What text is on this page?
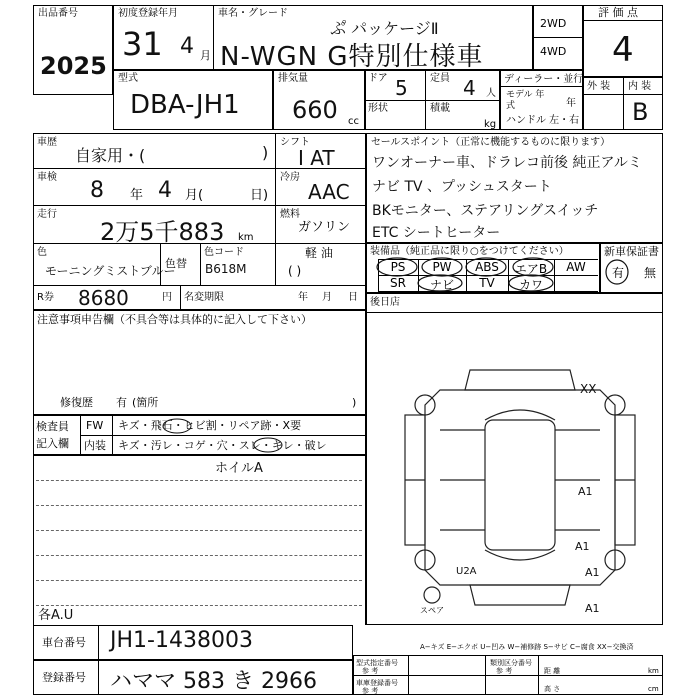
出品番号
2025
初度登録年月
31 4 月
車名・グレード
ぷ゚ パッケージⅡ
N-WGN G特別仕様車
2WD
4WD
評 価 点
4
型式
DBA-JH1
排気量
660 cc
ドア 5 定員 4 人
形状	積載
kg
ディーラー・並行
モデル 年式	年
ハンドル 左・右
外 装 内 装
B
車歴
自家用・(	)
シフト
I AT
車検
8 年 4 月(	日)
冷房
AAC
走行
2万5千883 km
燃料
ガソリン
軽 油
( )
色
モーニングミストブルー
色替
色コード
B618M
R券 8680	円 名変期限	年 月 日
セールスポイント（正常に機能するものに限ります）
ワンオーナー車、ドラレコ前後 純正アルミ
ナビ TV 、プッシュスタート
BKモニター、ステアリングスイッチ
ETC シートヒーター
装備品（純正品に限り○をつけてください）
PS	PW	ABS	エアB	AW
SR	ナビ	TV	カワ
新車保証書
有 無
注意事項申告欄（不具合等は具体的に記入して下さい）
修復歴 有 (箇所	)
後日店
検査員
記入欄
FW キズ・飛石・ヒビ割・リペア跡・X要
内装 キズ・汚レ・コゲ・穴・スレ・キレ・破レ
ホイルA
各A.U
XX
A1
A1
U2A	A1
A1
スペア
A−キズ E−エクボ U−凹み W−補修跡 S−サビ C−腐食 XX−交換済
車台番号 JH1-1438003
登録番号 ハママ 583 き 2966
型式指定番号
参 考
類別区分番号
参 考
車庫登録番号
参 考
距 離	km
高 さ	cm
